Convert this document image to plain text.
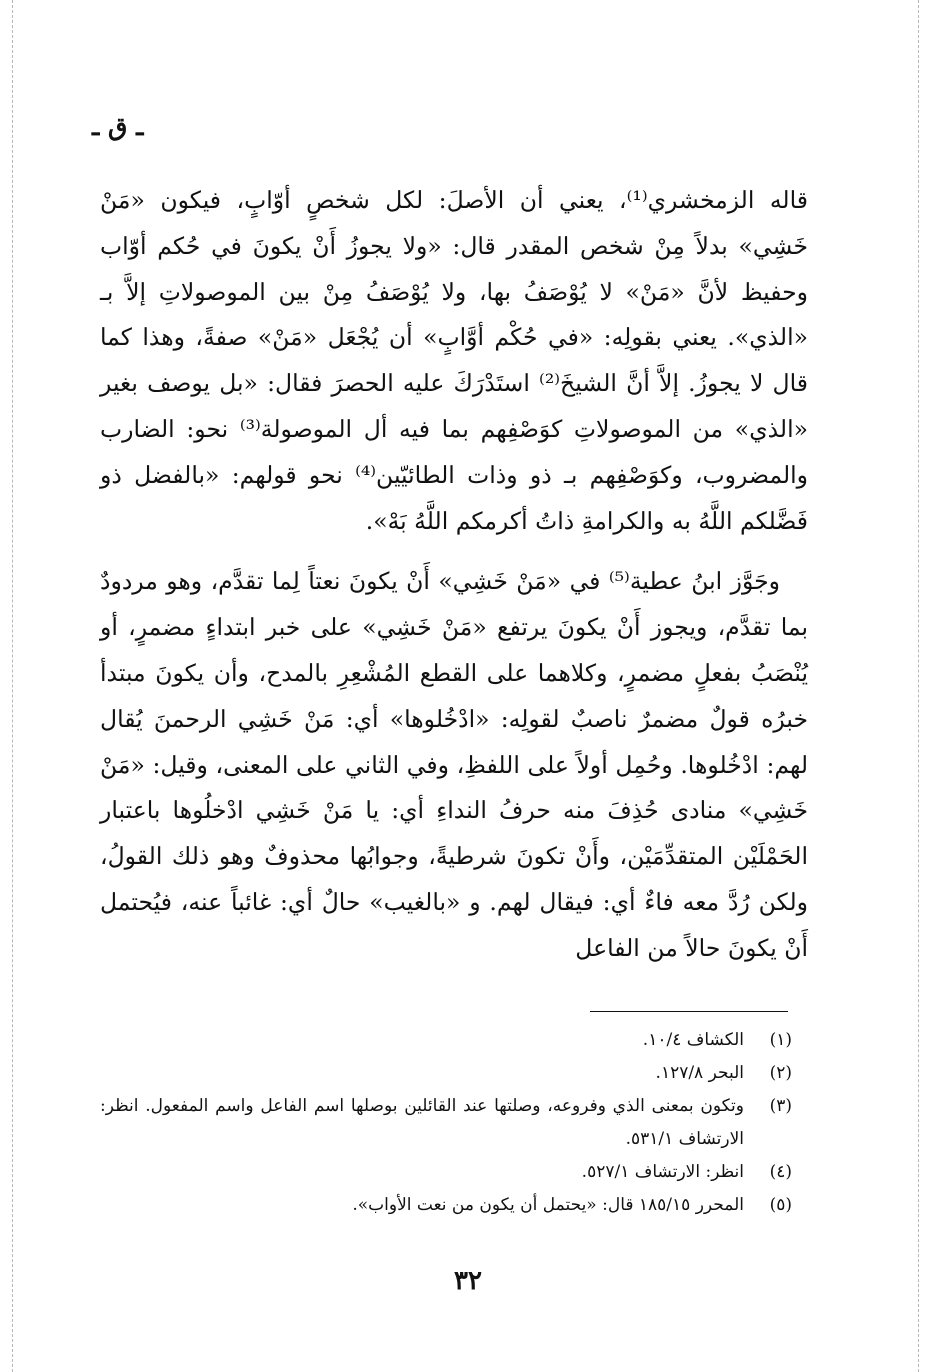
ـ ق ـ

قاله الزمخشري⁽¹⁾، يعني أن الأصلَ: لكل شخصٍ أوّابٍ، فيكون «مَنْ خَشِي» بدلاً مِنْ شخص المقدر قال: «ولا يجوزُ أَنْ يكونَ في حُكم أوّاب وحفيظ لأنَّ «مَنْ» لا يُوْصَفُ بها، ولا يُوْصَفُ مِنْ بين الموصولاتِ إلاَّ بـ «الذي». يعني بقولِه: «في حُكْم أوَّابٍ» أن يُجْعَل «مَنْ» صفةً، وهذا كما قال لا يجوزُ. إلاَّ أنَّ الشيخَ⁽²⁾ استَدْرَكَ عليه الحصرَ فقال: «بل يوصف بغير «الذي» من الموصولاتِ كوَصْفِهم بما فيه أل الموصولة⁽³⁾ نحو: الضارب والمضروب، وكوَصْفِهم بـ ذو وذات الطائيّين⁽⁴⁾ نحو قولهم: «بالفضل ذو فَضَّلكم اللَّهُ به والكرامةِ ذاتُ أكرمكم اللَّهُ بَهْ».

وجَوَّز ابنُ عطية⁽⁵⁾ في «مَنْ خَشِي» أَنْ يكونَ نعتاً لِما تقدَّم، وهو مردودٌ بما تقدَّم، ويجوز أَنْ يكونَ يرتفع «مَنْ خَشِي» على خبر ابتداءٍ مضمرٍ، أو يُنْصَبُ بفعلٍ مضمرٍ، وكلاهما على القطع المُشْعِرِ بالمدح، وأن يكونَ مبتدأ خبرُه قولٌ مضمرٌ ناصبٌ لقولِه: «ادْخُلوها» أي: مَنْ خَشِي الرحمنَ يُقال لهم: ادْخُلوها. وحُمِل أولاً على اللفظِ، وفي الثاني على المعنى، وقيل: «مَنْ خَشِي» منادى حُذِفَ منه حرفُ النداءِ أي: يا مَنْ خَشِي ادْخلُوها باعتبار الحَمْلَيْن المتقدِّمَيْن، وأَنْ تكونَ شرطيةً، وجوابُها محذوفٌ وهو ذلك القولُ، ولكن رُدَّ معه فاءٌ أي: فيقال لهم. و «بالغيب» حالٌ أي: غائباً عنه، فيُحتمل أَنْ يكونَ حالاً من الفاعل

(١)
الكشاف ١٠/٤.
(٢)
البحر ١٢٧/٨.
(٣)
وتكون بمعنى الذي وفروعه، وصلتها عند القائلين بوصلها اسم الفاعل واسم المفعول. انظر: الارتشاف ٥٣١/١.
(٤)
انظر: الارتشاف ٥٢٧/١.
(٥)
المحرر ١٨٥/١٥ قال: «يحتمل أن يكون من نعت الأواب».
٣٢
